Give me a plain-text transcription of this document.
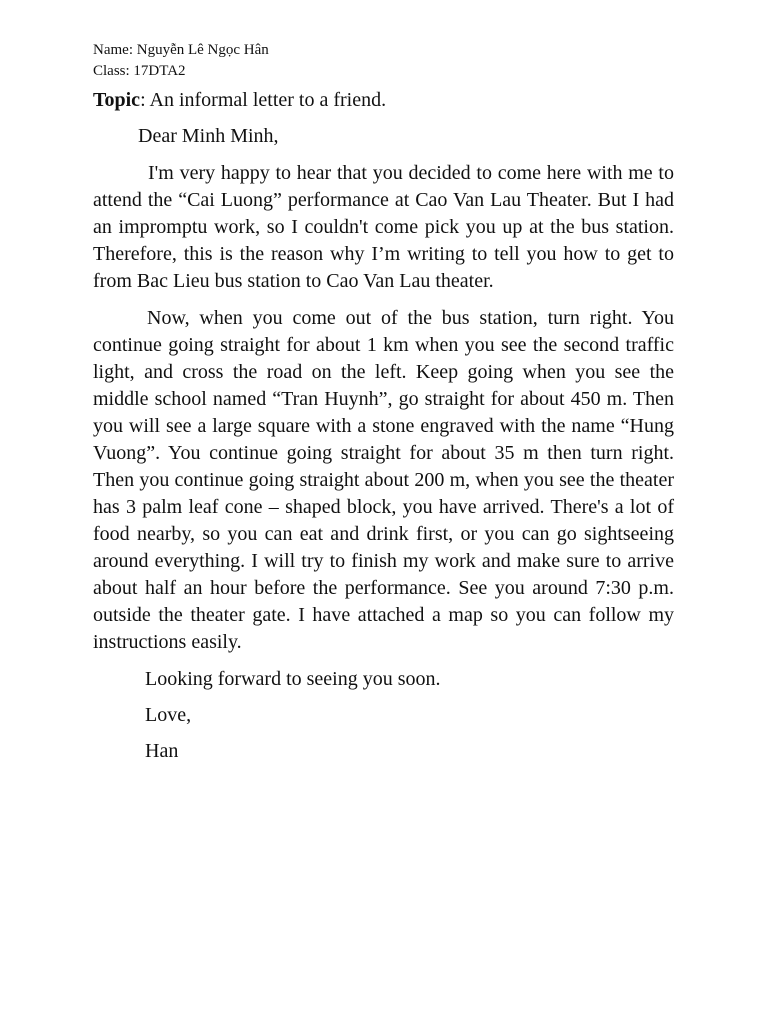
Name: Nguyễn Lê Ngọc Hân

Class: 17DTA2

Topic: An informal letter to a friend.

Dear Minh Minh,

I'm very happy to hear that you decided to come here with me to attend the “Cai Luong” performance at Cao Van Lau Theater. But I had an impromptu work, so I couldn't come pick you up at the bus station. Therefore, this is the reason why I’m writing to tell you how to get to from Bac Lieu bus station to Cao Van Lau theater.

Now, when you come out of the bus station, turn right. You continue going straight for about 1 km when you see the second traffic light, and cross the road on the left. Keep going when you see the middle school named “Tran Huynh”, go straight for about 450 m. Then you will see a large square with a stone engraved with the name “Hung Vuong”. You continue going straight for about 35 m then turn right. Then you continue going straight about 200 m, when you see the theater has 3 palm leaf cone – shaped block, you have arrived. There's a lot of food nearby, so you can eat and drink first, or you can go sightseeing around everything. I will try to finish my work and make sure to arrive about half an hour before the performance. See you around 7:30 p.m. outside the theater gate. I have attached a map so you can follow my instructions easily.

Looking forward to seeing you soon.

Love,

Han
